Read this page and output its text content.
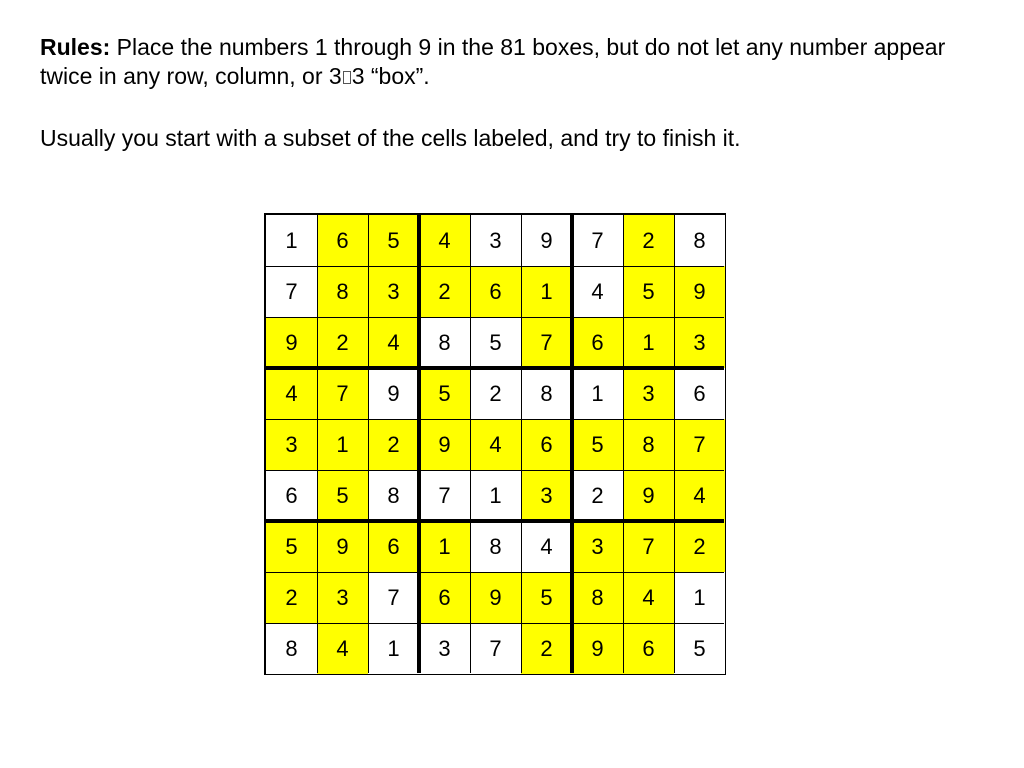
Rules: Place the numbers 1 through 9 in the 81 boxes, but do not let any number appear twice in any row, column, or 3 3 “box”.

Usually you start with a subset of the cells labeled, and try to finish it.

1	6	5	4	3	9	7	2	8
7	8	3	2	6	1	4	5	9
9	2	4	8	5	7	6	1	3
4	7	9	5	2	8	1	3	6
3	1	2	9	4	6	5	8	7
6	5	8	7	1	3	2	9	4
5	9	6	1	8	4	3	7	2
2	3	7	6	9	5	8	4	1
8	4	1	3	7	2	9	6	5
